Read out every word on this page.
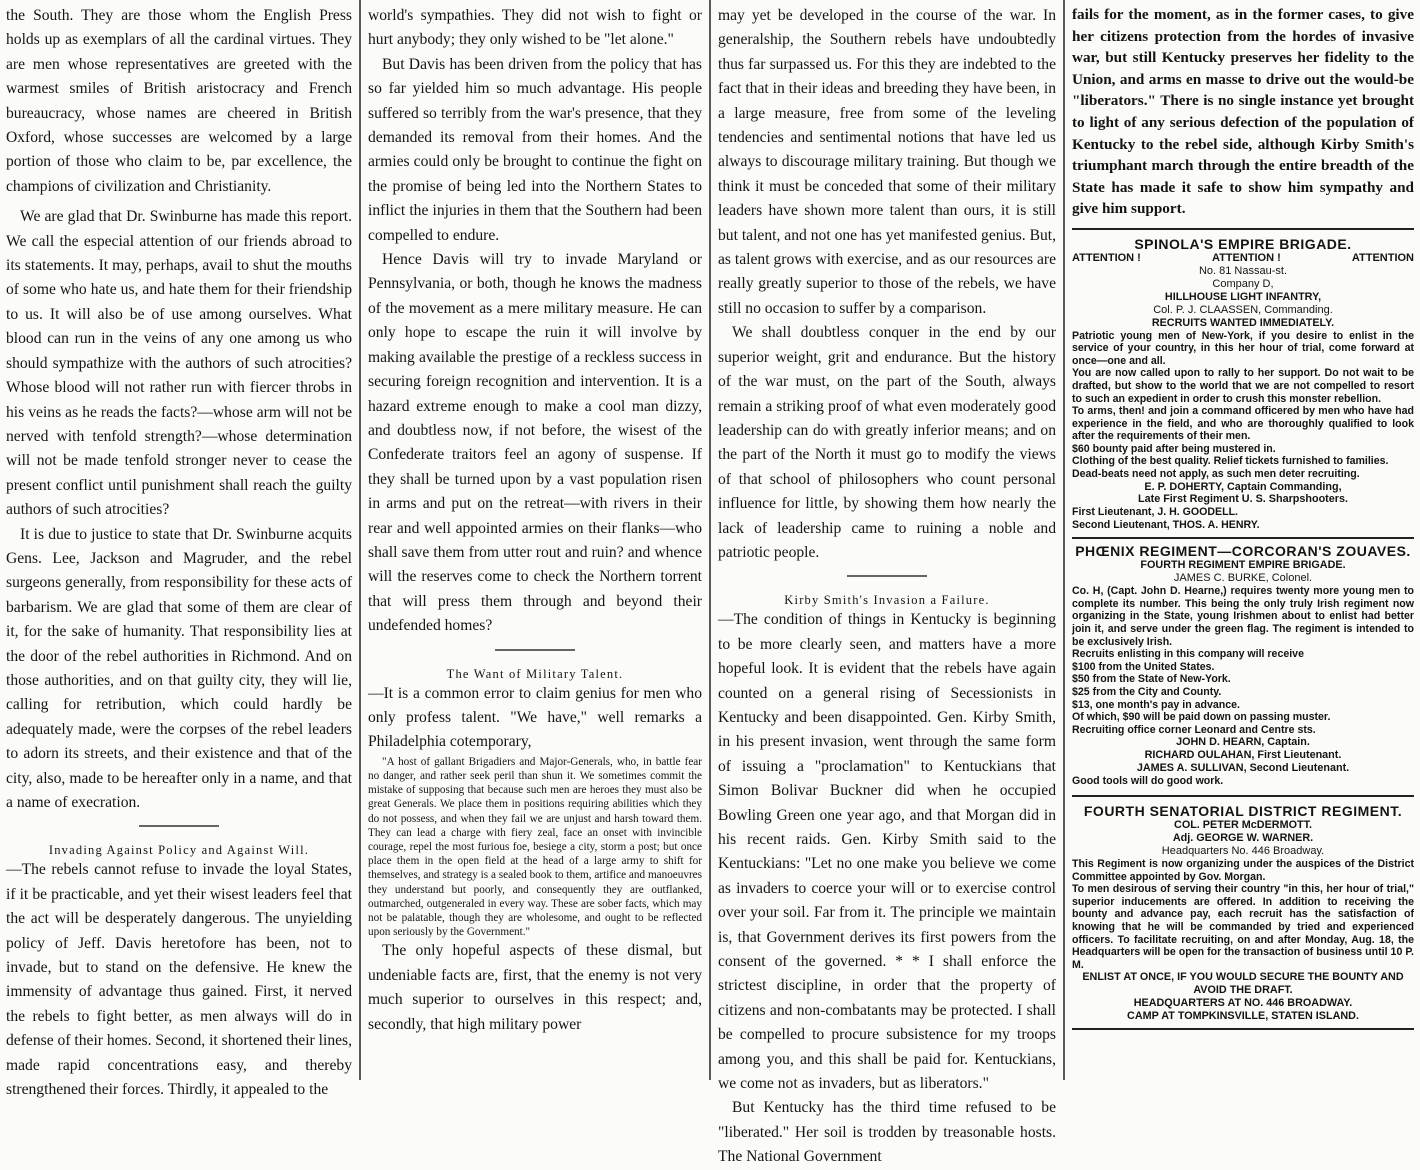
the South. They are those whom the English Press holds up as exemplars of all the cardinal virtues. They are men whose representatives are greeted with the warmest smiles of British aristocracy and French bureaucracy, whose names are cheered in British Oxford, whose successes are welcomed by a large portion of those who claim to be, par excellence, the champions of civilization and Christianity.

We are glad that Dr. Swinburne has made this report. We call the especial attention of our friends abroad to its statements. It may, perhaps, avail to shut the mouths of some who hate us, and hate them for their friendship to us. It will also be of use among ourselves. What blood can run in the veins of any one among us who should sympathize with the authors of such atrocities? Whose blood will not rather run with fiercer throbs in his veins as he reads the facts?—whose arm will not be nerved with tenfold strength?—whose determination will not be made tenfold stronger never to cease the present conflict until punishment shall reach the guilty authors of such atrocities?

It is due to justice to state that Dr. Swinburne acquits Gens. Lee, Jackson and Magruder, and the rebel surgeons generally, from responsibility for these acts of barbarism. We are glad that some of them are clear of it, for the sake of humanity. That responsibility lies at the door of the rebel authorities in Richmond. And on those authorities, and on that guilty city, they will lie, calling for retribution, which could hardly be adequately made, were the corpses of the rebel leaders to adorn its streets, and their existence and that of the city, also, made to be hereafter only in a name, and that a name of execration.

Invading Against Policy and Against Will.

—The rebels cannot refuse to invade the loyal States, if it be practicable, and yet their wisest leaders feel that the act will be desperately dangerous. The unyielding policy of Jeff. Davis heretofore has been, not to invade, but to stand on the defensive. He knew the immensity of advantage thus gained. First, it nerved the rebels to fight better, as men always will do in defense of their homes. Second, it shortened their lines, made rapid concentrations easy, and thereby strengthened their forces. Thirdly, it appealed to the

world's sympathies. They did not wish to fight or hurt anybody; they only wished to be "let alone."

But Davis has been driven from the policy that has so far yielded him so much advantage. His people suffered so terribly from the war's presence, that they demanded its removal from their homes. And the armies could only be brought to continue the fight on the promise of being led into the Northern States to inflict the injuries in them that the Southern had been compelled to endure.

Hence Davis will try to invade Maryland or Pennsylvania, or both, though he knows the madness of the movement as a mere military measure. He can only hope to escape the ruin it will involve by making available the prestige of a reckless success in securing foreign recognition and intervention. It is a hazard extreme enough to make a cool man dizzy, and doubtless now, if not before, the wisest of the Confederate traitors feel an agony of suspense. If they shall be turned upon by a vast population risen in arms and put on the retreat—with rivers in their rear and well appointed armies on their flanks—who shall save them from utter rout and ruin? and whence will the reserves come to check the Northern torrent that will press them through and beyond their undefended homes?

The Want of Military Talent.

—It is a common error to claim genius for men who only profess talent. "We have," well remarks a Philadelphia cotemporary,

"A host of gallant Brigadiers and Major-Generals, who, in battle fear no danger, and rather seek peril than shun it. We sometimes commit the mistake of supposing that because such men are heroes they must also be great Generals. We place them in positions requiring abilities which they do not possess, and when they fail we are unjust and harsh toward them. They can lead a charge with fiery zeal, face an onset with invincible courage, repel the most furious foe, besiege a city, storm a post; but once place them in the open field at the head of a large army to shift for themselves, and strategy is a sealed book to them, artifice and manoeuvres they understand but poorly, and consequently they are outflanked, outmarched, outgeneraled in every way. These are sober facts, which may not be palatable, though they are wholesome, and ought to be reflected upon seriously by the Government."

The only hopeful aspects of these dismal, but undeniable facts are, first, that the enemy is not very much superior to ourselves in this respect; and, secondly, that high military power

may yet be developed in the course of the war. In generalship, the Southern rebels have undoubtedly thus far surpassed us. For this they are indebted to the fact that in their ideas and breeding they have been, in a large measure, free from some of the leveling tendencies and sentimental notions that have led us always to discourage military training. But though we think it must be conceded that some of their military leaders have shown more talent than ours, it is still but talent, and not one has yet manifested genius. But, as talent grows with exercise, and as our resources are really greatly superior to those of the rebels, we have still no occasion to suffer by a comparison.

We shall doubtless conquer in the end by our superior weight, grit and endurance. But the history of the war must, on the part of the South, always remain a striking proof of what even moderately good leadership can do with greatly inferior means; and on the part of the North it must go to modify the views of that school of philosophers who count personal influence for little, by showing them how nearly the lack of leadership came to ruining a noble and patriotic people.

Kirby Smith's Invasion a Failure.

—The condition of things in Kentucky is beginning to be more clearly seen, and matters have a more hopeful look. It is evident that the rebels have again counted on a general rising of Secessionists in Kentucky and been disappointed. Gen. Kirby Smith, in his present invasion, went through the same form of issuing a "proclamation" to Kentuckians that Simon Bolivar Buckner did when he occupied Bowling Green one year ago, and that Morgan did in his recent raids. Gen. Kirby Smith said to the Kentuckians: "Let no one make you believe we come as invaders to coerce your will or to exercise control over your soil. Far from it. The principle we maintain is, that Government derives its first powers from the consent of the governed. * * I shall enforce the strictest discipline, in order that the property of citizens and non-combatants may be protected. I shall be compelled to procure subsistence for my troops among you, and this shall be paid for. Kentuckians, we come not as invaders, but as liberators."

But Kentucky has the third time refused to be "liberated." Her soil is trodden by treasonable hosts. The National Government

fails for the moment, as in the former cases, to give her citizens protection from the hordes of invasive war, but still Kentucky preserves her fidelity to the Union, and arms en masse to drive out the would-be "liberators." There is no single instance yet brought to light of any serious defection of the population of Kentucky to the rebel side, although Kirby Smith's triumphant march through the entire breadth of the State has made it safe to show him sympathy and give him support.

SPINOLA'S EMPIRE BRIGADE.
ATTENTION !	ATTENTION !	ATTENTION
No. 81 Nassau-st.
Company D,
HILLHOUSE LIGHT INFANTRY,
Col. P. J. CLAASSEN, Commanding.
RECRUITS WANTED IMMEDIATELY.
Patriotic young men of New-York, if you desire to enlist in the service of your country, in this her hour of trial, come forward at once—one and all.
You are now called upon to rally to her support. Do not wait to be drafted, but show to the world that we are not compelled to resort to such an expedient in order to crush this monster rebellion.
To arms, then! and join a command officered by men who have had experience in the field, and who are thoroughly qualified to look after the requirements of their men.
$60 bounty paid after being mustered in.
Clothing of the best quality. Relief tickets furnished to families.
Dead-beats need not apply, as such men deter recruiting.
E. P. DOHERTY, Captain Commanding,
Late First Regiment U. S. Sharpshooters.
First Lieutenant, J. H. GOODELL.
Second Lieutenant, THOS. A. HENRY.
PHŒNIX REGIMENT—CORCORAN'S ZOUAVES.
FOURTH REGIMENT EMPIRE BRIGADE.
JAMES C. BURKE, Colonel.
Co. H, (Capt. John D. Hearne,) requires twenty more young men to complete its number. This being the only truly Irish regiment now organizing in the State, young Irishmen about to enlist had better join it, and serve under the green flag. The regiment is intended to be exclusively Irish.
Recruits enlisting in this company will receive
$100 from the United States.
$50 from the State of New-York.
$25 from the City and County.
$13, one month's pay in advance.
Of which, $90 will be paid down on passing muster.
Recruiting office corner Leonard and Centre sts.
JOHN D. HEARN, Captain.
RICHARD OULAHAN, First Lieutenant.
JAMES A. SULLIVAN, Second Lieutenant.
Good tools will do good work.
FOURTH SENATORIAL DISTRICT REGIMENT.
COL. PETER McDERMOTT.
Adj. GEORGE W. WARNER.
Headquarters No. 446 Broadway.
This Regiment is now organizing under the auspices of the District Committee appointed by Gov. Morgan.
To men desirous of serving their country "in this, her hour of trial," superior inducements are offered. In addition to receiving the bounty and advance pay, each recruit has the satisfaction of knowing that he will be commanded by tried and experienced officers. To facilitate recruiting, on and after Monday, Aug. 18, the Headquarters will be open for the transaction of business until 10 P. M.
ENLIST AT ONCE, IF YOU WOULD SECURE THE BOUNTY AND AVOID THE DRAFT.
HEADQUARTERS AT NO. 446 BROADWAY.
CAMP AT TOMPKINSVILLE, STATEN ISLAND.
